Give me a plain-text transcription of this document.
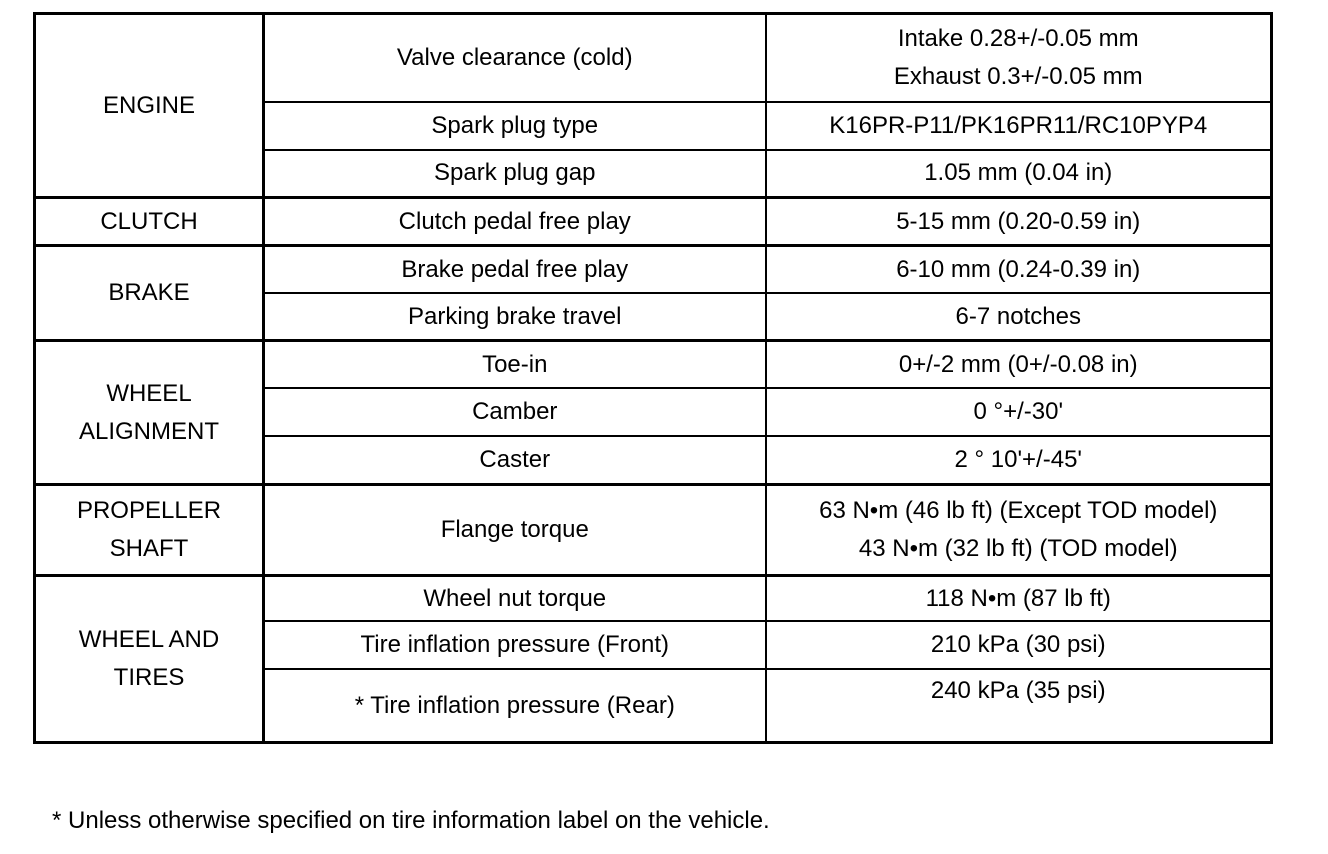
ENGINE	Valve clearance (cold)	Intake 0.28+/-0.05 mm
Exhaust 0.3+/-0.05 mm

	Spark plug type	K16PR-P11/PK16PR11/RC10PYP4

	Spark plug gap	1.05 mm (0.04 in)

CLUTCH	Clutch pedal free play	5-15 mm (0.20-0.59 in)

BRAKE	Brake pedal free play	6-10 mm (0.24-0.39 in)

	Parking brake travel	6-7 notches

WHEEL
ALIGNMENT	Toe-in	0+/-2 mm (0+/-0.08 in)

	Camber	0 °+/-30'

	Caster	2 ° 10'+/-45'

PROPELLER
SHAFT	Flange torque	63 N•m (46 lb ft) (Except TOD model)
43 N•m (32 lb ft) (TOD model)

WHEEL AND
TIRES	Wheel nut torque	118 N•m (87 lb ft)

	Tire inflation pressure (Front)	210 kPa (30 psi)

	* Tire inflation pressure (Rear)	240 kPa (35 psi)
* Unless otherwise specified on tire information label on the vehicle.
